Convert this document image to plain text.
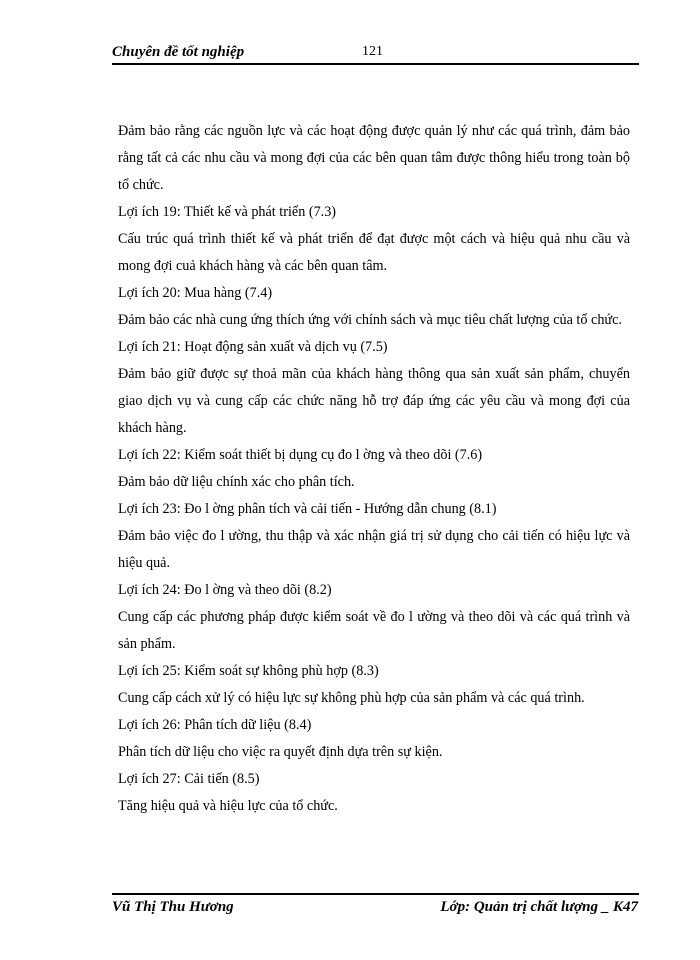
Chuyên đề tốt nghiệp	121

Đảm bảo rằng các nguồn lực và các hoạt động được quản lý như các quá trình, đảm bảo rằng tất cả các nhu cầu và mong đợi của các bên quan tâm được thông hiểu trong toàn bộ tổ chức.

Lợi ích 19: Thiết kế và phát triển (7.3)

Cấu trúc quá trình thiết kế và phát triển để đạt được một cách và hiệu quả nhu cầu và mong đợi cuả khách hàng và các bên quan tâm.

Lợi ích 20: Mua hàng (7.4)

Đảm bảo các nhà cung ứng thích ứng với chính sách và mục tiêu chất lượng của tổ chức.

Lợi ích 21: Hoạt động sản xuất và dịch vụ (7.5)

Đảm bảo giữ được sự thoả mãn của khách hàng thông qua sản xuất sản phẩm, chuyển giao dịch vụ và cung cấp các chức năng hỗ trợ đáp ứng các yêu cầu và mong đợi của khách hàng.

Lợi ích 22: Kiểm soát thiết bị dụng cụ đo l ờng và theo dõi (7.6)

Đảm bảo dữ liệu chính xác cho phân tích.

Lợi ích 23: Đo l ờng phân tích và cải tiến - Hướng dẫn chung (8.1)

Đảm bảo việc đo l ường, thu thập và xác nhận giá trị sử dụng cho cải tiến có hiệu lực và hiệu quả.

Lợi ích 24: Đo l ờng và theo dõi (8.2)

Cung cấp các phương pháp được kiểm soát về đo l ường và theo dõi và các quá trình và sản phẩm.

Lợi ích 25: Kiểm soát sự không phù hợp (8.3)

Cung cấp cách xử lý có hiệu lực sự không phù hợp của sản phẩm và các quá trình.

Lợi ích 26: Phân tích dữ liệu (8.4)

Phân tích dữ liệu cho việc ra quyết định dựa trên sự kiện.

Lợi ích 27: Cải tiến (8.5)

Tăng hiệu quả và hiệu lực của tổ chức.

Vũ Thị Thu Hương	Lớp: Quản trị chất lượng _ K47
